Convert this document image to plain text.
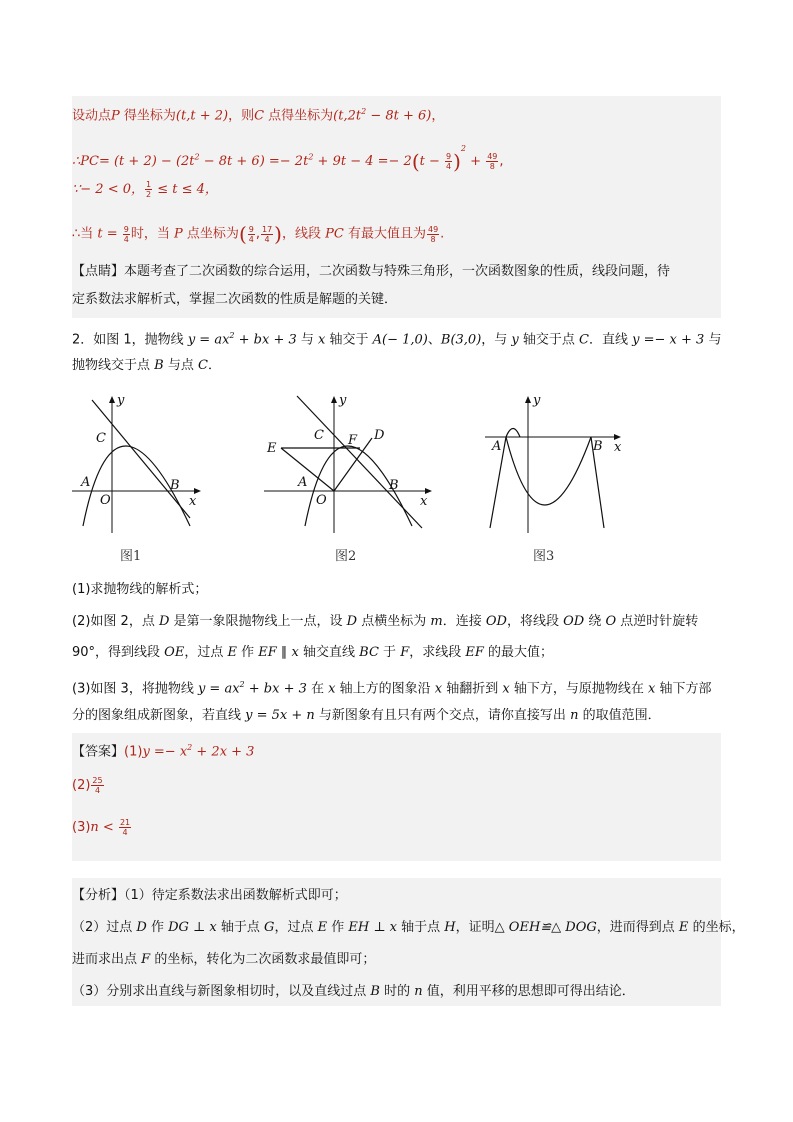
设动点P 得坐标为(t,t + 2)，则C 点得坐标为$(t,2t^2 - 8t + 6)$，
∴PC= $(t + 2) - (2t^2 - 8t + 6) =- 2t^2 + 9t - 4 =- 2(t - \frac{9}{4} )^2 + \frac{49}{8}$ ,
∵− 2 < 0， $\frac{1}{2} \le t \le 4$，
∴当 $t = \frac{9}{4}$ 时，当 P 点坐标为( $\frac{9}{4}$ , $\frac{17}{4}$ )，线段 PC 有最大值且为 $\frac{49}{8}$ .
【点睛】本题考查了二次函数的综合运用，二次函数与特殊三角形，一次函数图象的性质，线段问题，待
定系数法求解析式，掌握二次函数的性质是解题的关键．
2．如图 1，抛物线 $y = ax^2$ + bx + 3 与 x 轴交于 A(− 1,0)、B(3,0)，与 y 轴交于点 C．直线 y =− x + 3 与
抛物线交于点 B 与点 C．
y
C
A
O
B
x
图1
y
C F D
E
A
O
B
x
图2
y
A	B x
图3
(1)求抛物线的解析式；
(2)如图 2，点 D 是第一象限抛物线上一点，设 D 点横坐标为 m．连接 OD，将线段 OD 绕 O 点逆时针旋转
90°，得到线段 OE，过点 E 作 EF ∥ x 轴交直线 BC 于 F，求线段 EF 的最大值；
(3)如图 3，将抛物线 $y = ax^2$ + bx + 3 在 x 轴上方的图象沿 x 轴翻折到 x 轴下方，与原抛物线在 x 轴下方部
分的图象组成新图象，若直线 y = 5x + n 与新图象有且只有两个交点，请你直接写出 n 的取值范围．
【答案】$(1)y =- x^2 + 2x + 3$
$(2) \frac{25}{4}$
$(3)n < \frac{21}{4}$
【分析】（1）待定系数法求出函数解析式即可；
（2）过点 D 作 DG ⊥ x 轴于点 G，过点 E 作 EH ⊥ x 轴于点 H，证明△ OEH≌△ DOG，进而得到点 E 的坐标，
进而求出点 F 的坐标，转化为二次函数求最值即可；
（3）分别求出直线与新图象相切时，以及直线过点 B 时的 n 值，利用平移的思想即可得出结论．
